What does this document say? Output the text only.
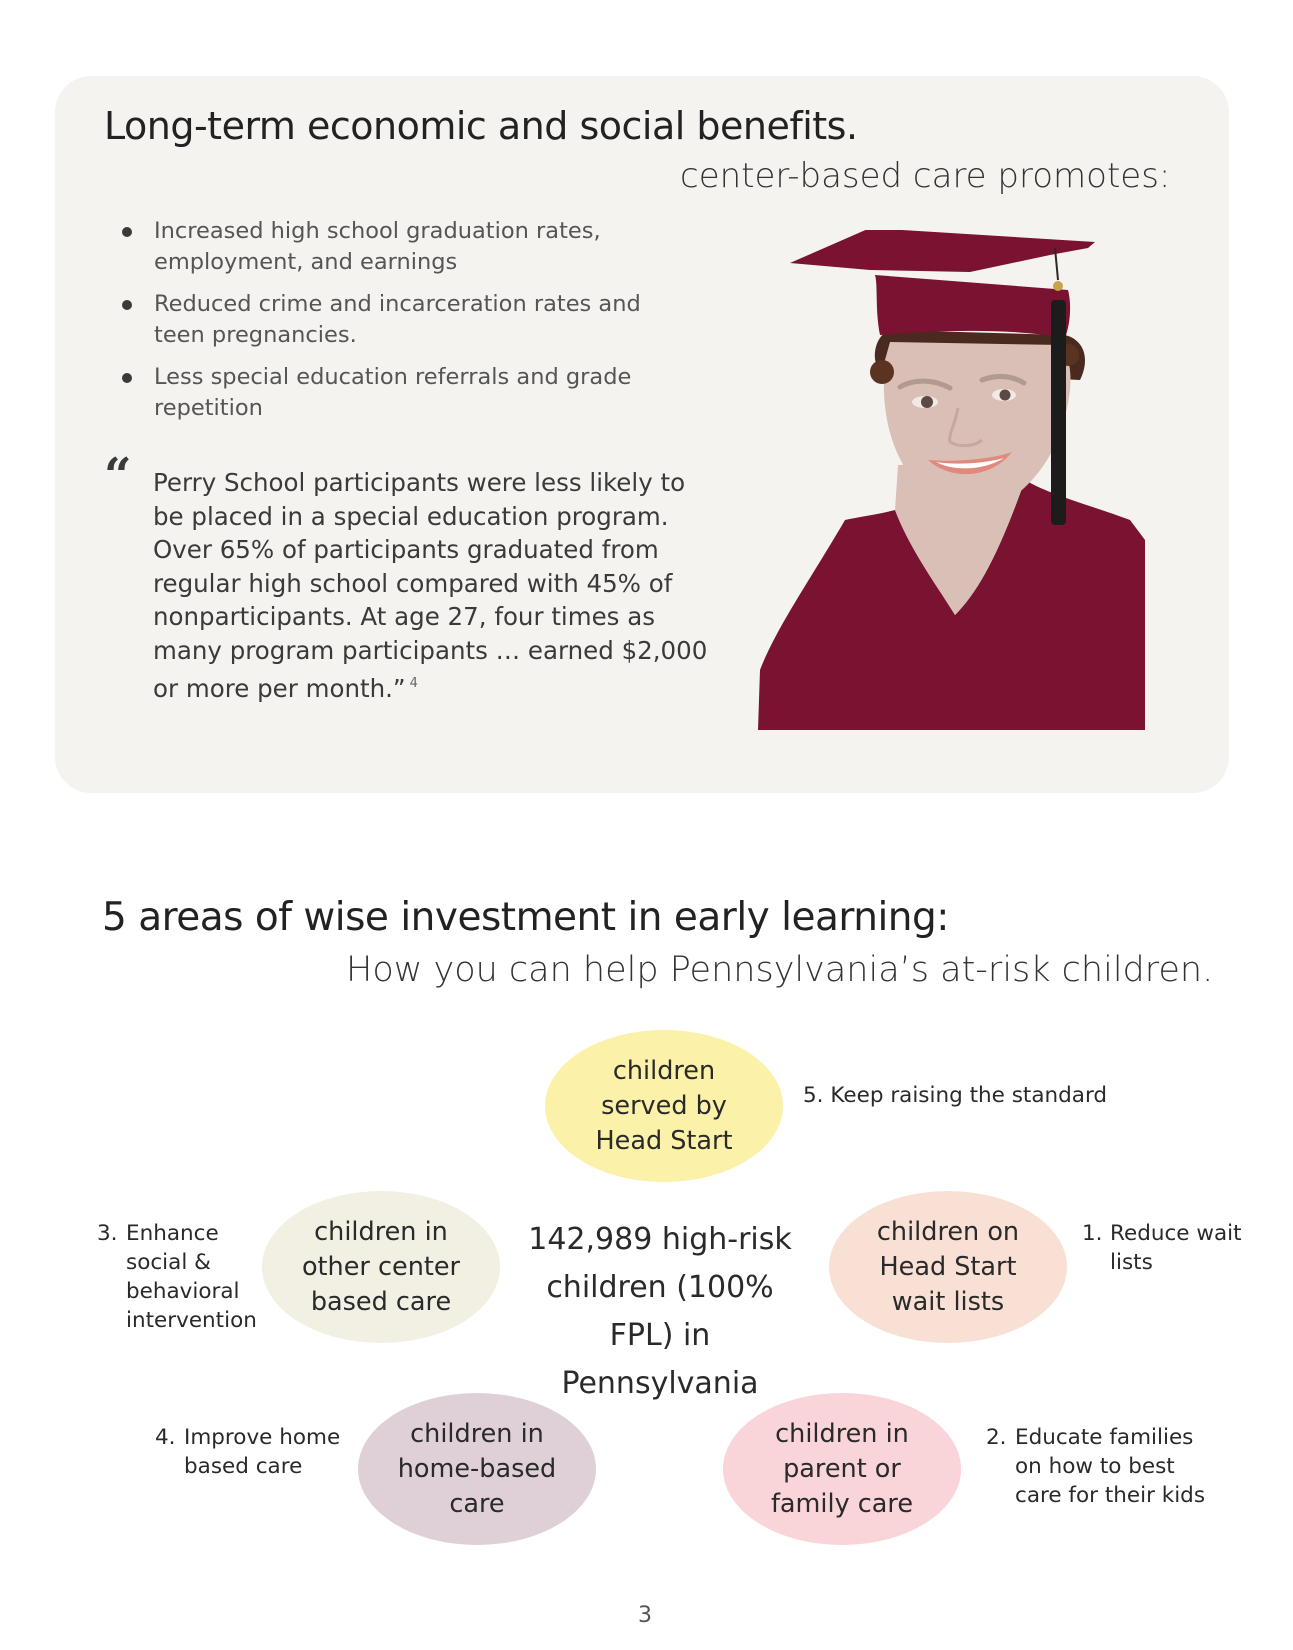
Long-term economic and social benefits.
center-based care promotes:
Increased high school graduation rates, employment, and earnings
Reduced crime and incarceration rates and teen pregnancies.
Less special education referrals and grade repetition
“ Perry School participants were less likely to be placed in a special education program. Over 65% of participants graduated from regular high school compared with 45% of nonparticipants. At age 27, four times as many program participants … earned $2,000 or more per month.” $^4$
5 areas of wise investment in early learning:
How you can help Pennsylvania’s at-risk children.
children served by Head Start
children in other center based care
children on Head Start wait lists
children in home-based care
children in parent or family care
142,989 high-risk children (100% FPL) in Pennsylvania
5. Keep raising the standard
1. Reduce wait lists
3. Enhance social & behavioral intervention
4. Improve home based care
2. Educate families on how to best care for their kids
3
